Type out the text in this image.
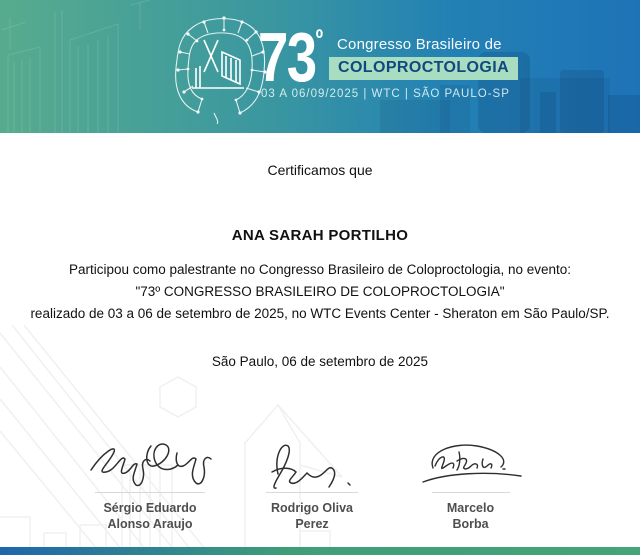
$73^º$ Congresso Brasileiro de
COLOPROCTOLOGIA
03 A 06/09/2025 | WTC | SÃO PAULO-SP
Certificamos que
ANA SARAH PORTILHO
Participou como palestrante no Congresso Brasileiro de Coloproctologia, no evento:
"73º CONGRESSO BRASILEIRO DE COLOPROCTOLOGIA"
realizado de 03 a 06 de setembro de 2025, no WTC Events Center - Sheraton em São Paulo/SP.
São Paulo, 06 de setembro de 2025
Sérgio Eduardo
Alonso Araujo
Rodrigo Oliva
Perez
Marcelo
Borba
